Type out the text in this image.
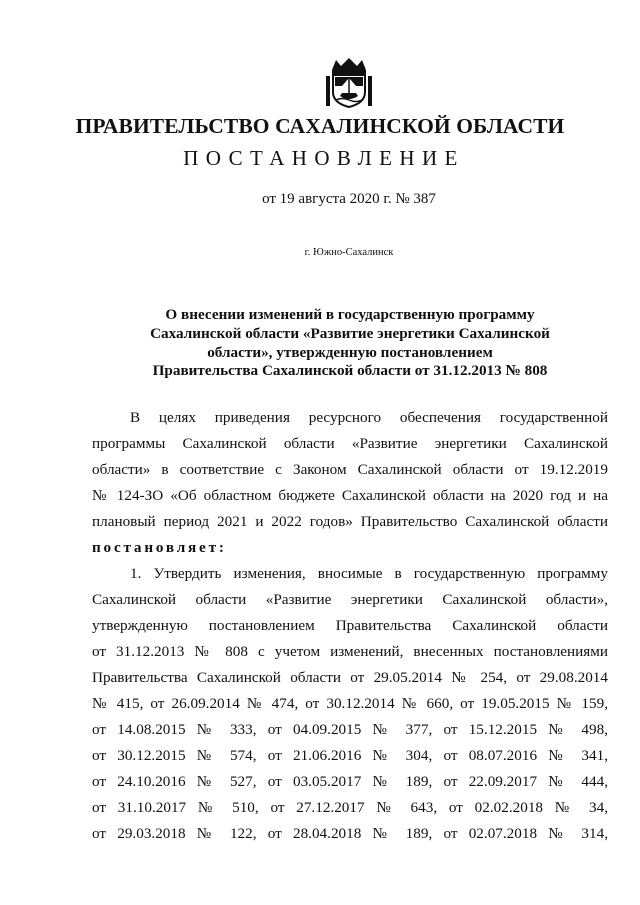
ПРАВИТЕЛЬСТВО САХАЛИНСКОЙ ОБЛАСТИ
ПОСТАНОВЛЕНИЕ
от 19 августа 2020 г. № 387
г. Южно-Сахалинск
О внесении изменений в государственную программу
Сахалинской области «Развитие энергетики Сахалинской
области», утвержденную постановлением
Правительства Сахалинской области от 31.12.2013 № 808
В целях приведения ресурсного обеспечения государственной
программы Сахалинской области «Развитие энергетики Сахалинской
области» в соответствие с Законом Сахалинской области от 19.12.2019
№ 124-ЗО «Об областном бюджете Сахалинской области на 2020 год и на
плановый период 2021 и 2022 годов» Правительство Сахалинской области
постановляет:
1. Утвердить изменения, вносимые в государственную программу
Сахалинской области «Развитие энергетики Сахалинской области»,
утвержденную постановлением Правительства Сахалинской области
от 31.12.2013 № 808 с учетом изменений, внесенных постановлениями
Правительства Сахалинской области от 29.05.2014 № 254, от 29.08.2014
№ 415, от 26.09.2014 № 474, от 30.12.2014 № 660, от 19.05.2015 № 159,
от 14.08.2015 № 333, от 04.09.2015 № 377, от 15.12.2015 № 498,
от 30.12.2015 № 574, от 21.06.2016 № 304, от 08.07.2016 № 341,
от 24.10.2016 № 527, от 03.05.2017 № 189, от 22.09.2017 № 444,
от 31.10.2017 № 510, от 27.12.2017 № 643, от 02.02.2018 № 34,
от 29.03.2018 № 122, от 28.04.2018 № 189, от 02.07.2018 № 314,
